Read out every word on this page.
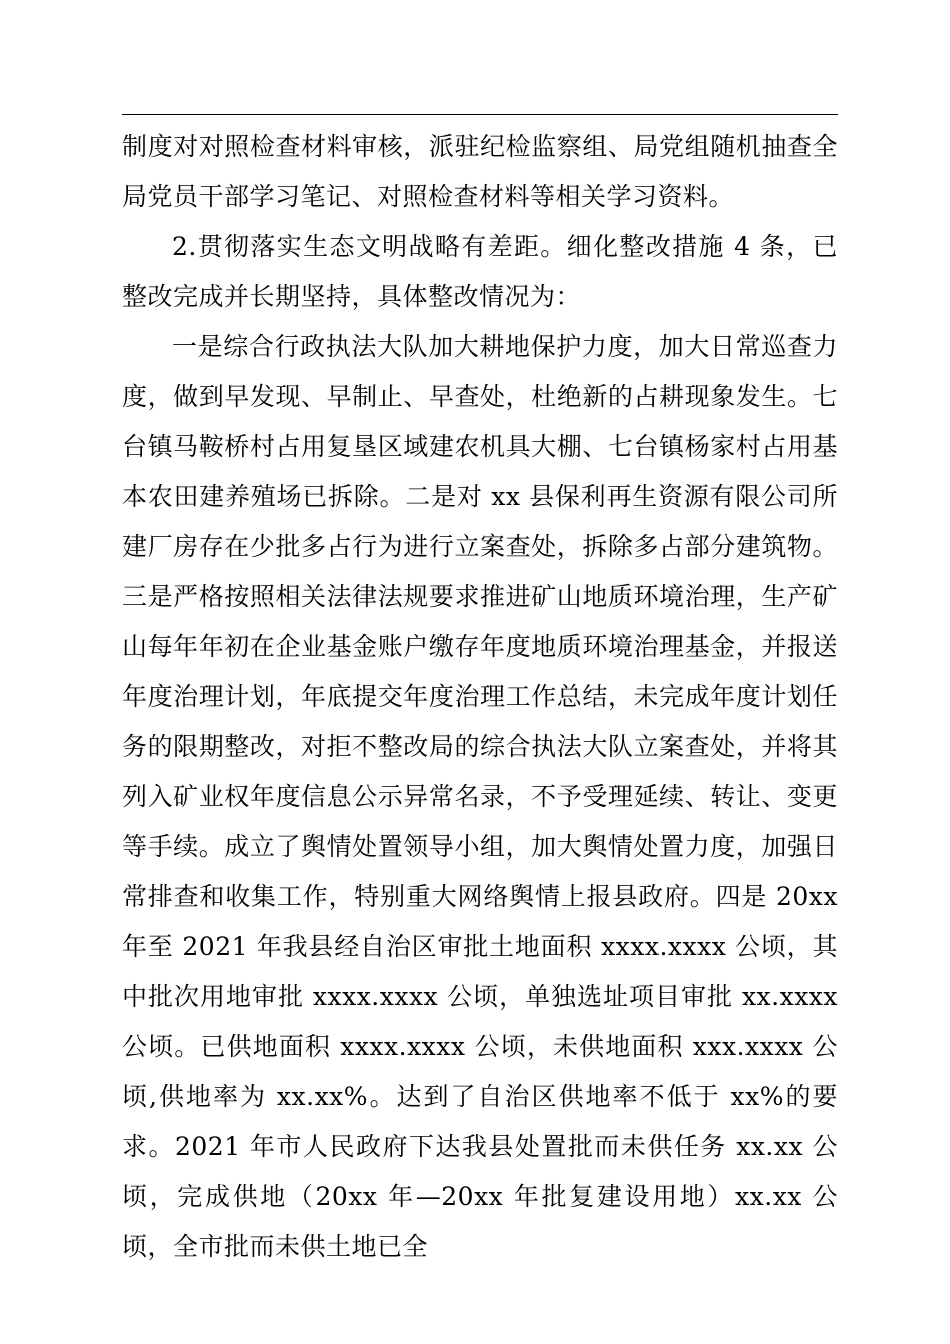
制度对对照检查材料审核，派驻纪检监察组、局党组随机抽查全局党员干部学习笔记、对照检查材料等相关学习资料。

2.贯彻落实生态文明战略有差距。细化整改措施 4 条，已整改完成并长期坚持，具体整改情况为：

一是综合行政执法大队加大耕地保护力度，加大日常巡查力度，做到早发现、早制止、早查处，杜绝新的占耕现象发生。七台镇马鞍桥村占用复垦区域建农机具大棚、七台镇杨家村占用基本农田建养殖场已拆除。二是对 xx 县保利再生资源有限公司所建厂房存在少批多占行为进行立案查处，拆除多占部分建筑物。三是严格按照相关法律法规要求推进矿山地质环境治理，生产矿山每年年初在企业基金账户缴存年度地质环境治理基金，并报送年度治理计划，年底提交年度治理工作总结，未完成年度计划任务的限期整改，对拒不整改局的综合执法大队立案查处，并将其列入矿业权年度信息公示异常名录，不予受理延续、转让、变更等手续。成立了舆情处置领导小组，加大舆情处置力度，加强日常排查和收集工作，特别重大网络舆情上报县政府。四是 20xx 年至 2021 年我县经自治区审批土地面积 xxxx.xxxx 公顷，其中批次用地审批 xxxx.xxxx 公顷，单独选址项目审批 xx.xxxx 公顷。已供地面积 xxxx.xxxx 公顷，未供地面积 xxx.xxxx 公顷,供地率为 xx.xx%。达到了自治区供地率不低于 xx%的要求。2021 年市人民政府下达我县处置批而未供任务 xx.xx 公顷，完成供地（20xx 年—20xx 年批复建设用地）xx.xx 公顷，全市批而未供土地已全
